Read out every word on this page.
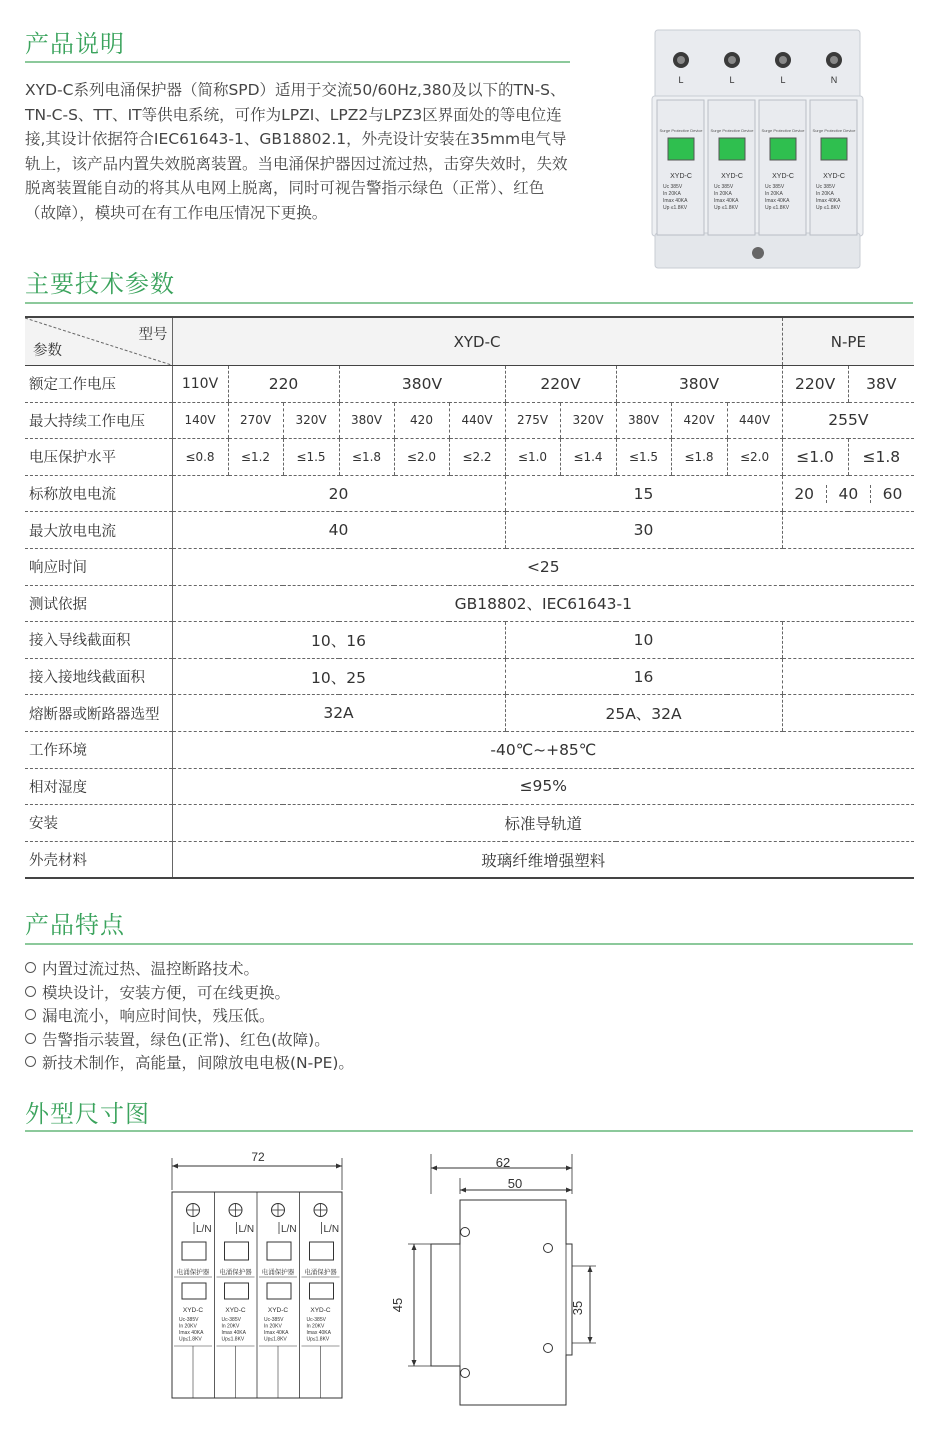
产品说明

XYD-C系列电涌保护器（简称SPD）适用于交流50/60Hz,380及以下的TN-S、TN-C-S、TT、IT等供电系统，可作为LPZI、LPZ2与LPZ3区界面处的等电位连接,其设计依据符合IEC61643-1、GB18802.1，外壳设计安装在35mm电气导轨上，该产品内置失效脱离装置。当电涌保护器因过流过热，击穿失效时，失效脱离装置能自动的将其从电网上脱离，同时可视告警指示绿色（正常）、红色（故障），模块可在有工作电压情况下更换。

L
Surge Protective Device
XYD-C
Uc 385V
In 20KA
Imax 40KA
Up ≤1.8KV
L
Surge Protective Device
XYD-C
Uc 385V
In 20KA
Imax 40KA
Up ≤1.8KV
L
Surge Protective Device
XYD-C
Uc 385V
In 20KA
Imax 40KA
Up ≤1.8KV
N
Surge Protective Device
XYD-C
Uc 385V
In 20KA
Imax 40KA
Up ≤1.8KV
主要技术参数
型号
参数	XYD-C											N-PE	
额定工作电压	110V	220		380V			220V		380V			220V	38V
最大持续工作电压	140V	270V	320V	380V	420	440V	275V	320V	380V	420V	440V	255V	
电压保护水平	≤0.8	≤1.2	≤1.5	≤1.8	≤2.0	≤2.2	≤1.0	≤1.4	≤1.5	≤1.8	≤2.0	≤1.0	≤1.8
标称放电电流	20						15					20 40 60	

最大放电电流	40						30						
响应时间	<25												
测试依据	GB18802、IEC61643-1												
接入导线截面积	10、16						10						
接入接地线截面积	10、25						16						
熔断器或断路器选型	32A						25A、32A						
工作环境	-40℃~+85℃												
相对湿度	≤95%												
安装	标准导轨道												
外壳材料	玻璃纤维增强塑料												
产品特点
内置过流过热、温控断路技术。
模块设计，安装方便，可在线更换。
漏电流小，响应时间快，残压低。
告警指示装置，绿色(正常)、红色(故障)。
新技术制作，高能量，间隙放电电极(N-PE)。
外型尺寸图
72
L/N
电涌保护器
XYD-C
Uc-385V
In 20KV
Imax 40KA
Up≤1.8KV
L/N
电涌保护器
XYD-C
Uc-385V
In 20KV
Imax 40KA
Up≤1.8KV
L/N
电涌保护器
XYD-C
Uc-385V
In 20KV
Imax 40KA
Up≤1.8KV
L/N
电涌保护器
XYD-C
Uc-385V
In 20KV
Imax 40KA
Up≤1.8KV
62
50
45	35
